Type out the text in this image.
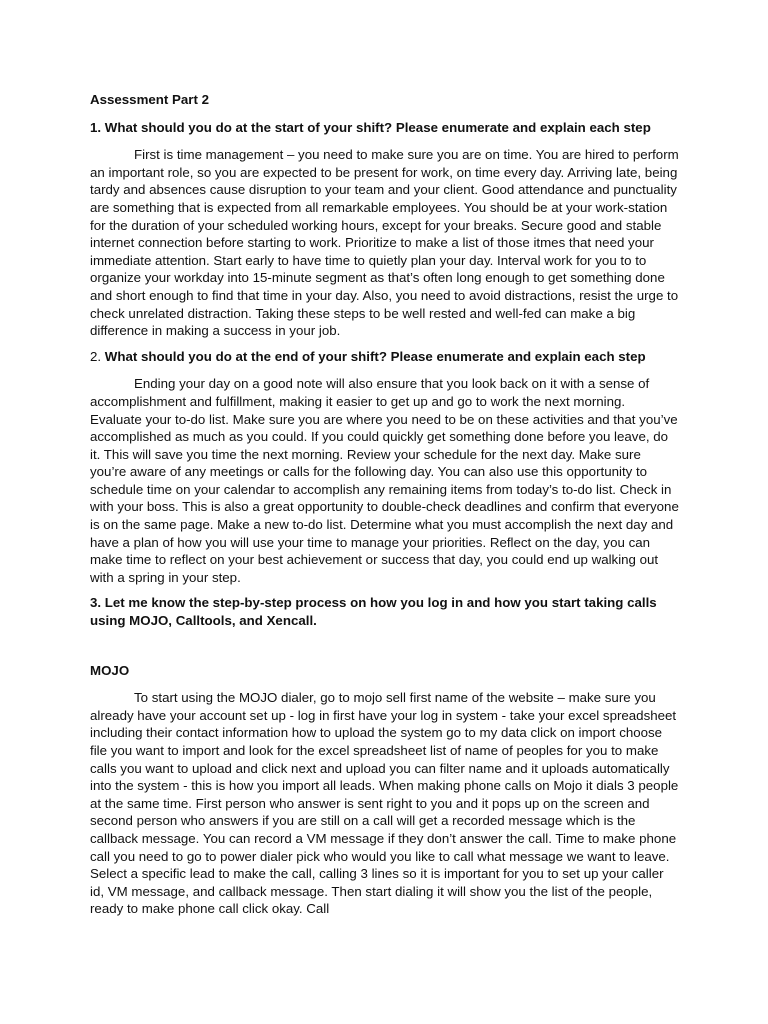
Assessment Part 2
1. What should you do at the start of your shift? Please enumerate and explain each step

First is time management – you need to make sure you are on time. You are hired to perform an important role, so you are expected to be present for work, on time every day. Arriving late, being tardy and absences cause disruption to your team and your client. Good attendance and punctuality are something that is expected from all remarkable employees. You should be at your work-station for the duration of your scheduled working hours, except for your breaks. Secure good and stable internet connection before starting to work. Prioritize to make a list of those itmes that need your immediate attention. Start early to have time to quietly plan your day. Interval work for you to to organize your workday into 15-minute segment as that’s often long enough to get something done and short enough to find that time in your day. Also, you need to avoid distractions, resist the urge to check unrelated distraction. Taking these steps to be well rested and well-fed can make a big difference in making a success in your job.

2. What should you do at the end of your shift? Please enumerate and explain each step

Ending your day on a good note will also ensure that you look back on it with a sense of accomplishment and fulfillment, making it easier to get up and go to work the next morning. Evaluate your to-do list. Make sure you are where you need to be on these activities and that you’ve accomplished as much as you could. If you could quickly get something done before you leave, do it. This will save you time the next morning. Review your schedule for the next day. Make sure you’re aware of any meetings or calls for the following day. You can also use this opportunity to schedule time on your calendar to accomplish any remaining items from today’s to-do list. Check in with your boss. This is also a great opportunity to double-check deadlines and confirm that everyone is on the same page. Make a new to-do list. Determine what you must accomplish the next day and have a plan of how you will use your time to manage your priorities. Reflect on the day, you can make time to reflect on your best achievement or success that day, you could end up walking out with a spring in your step.

3. Let me know the step-by-step process on how you log in and how you start taking calls using MOJO, Calltools, and Xencall.
MOJO

To start using the MOJO dialer, go to mojo sell first name of the website – make sure you already have your account set up - log in first have your log in system - take your excel spreadsheet including their contact information how to upload the system go to my data click on import choose file you want to import and look for the excel spreadsheet list of name of peoples for you to make calls you want to upload and click next and upload you can filter name and it uploads automatically into the system - this is how you import all leads. When making phone calls on Mojo it dials 3 people at the same time. First person who answer is sent right to you and it pops up on the screen and second person who answers if you are still on a call will get a recorded message which is the callback message. You can record a VM message if they don’t answer the call. Time to make phone call you need to go to power dialer pick who would you like to call what message we want to leave. Select a specific lead to make the call, calling 3 lines so it is important for you to set up your caller id, VM message, and callback message. Then start dialing it will show you the list of the people, ready to make phone call click okay. Call
